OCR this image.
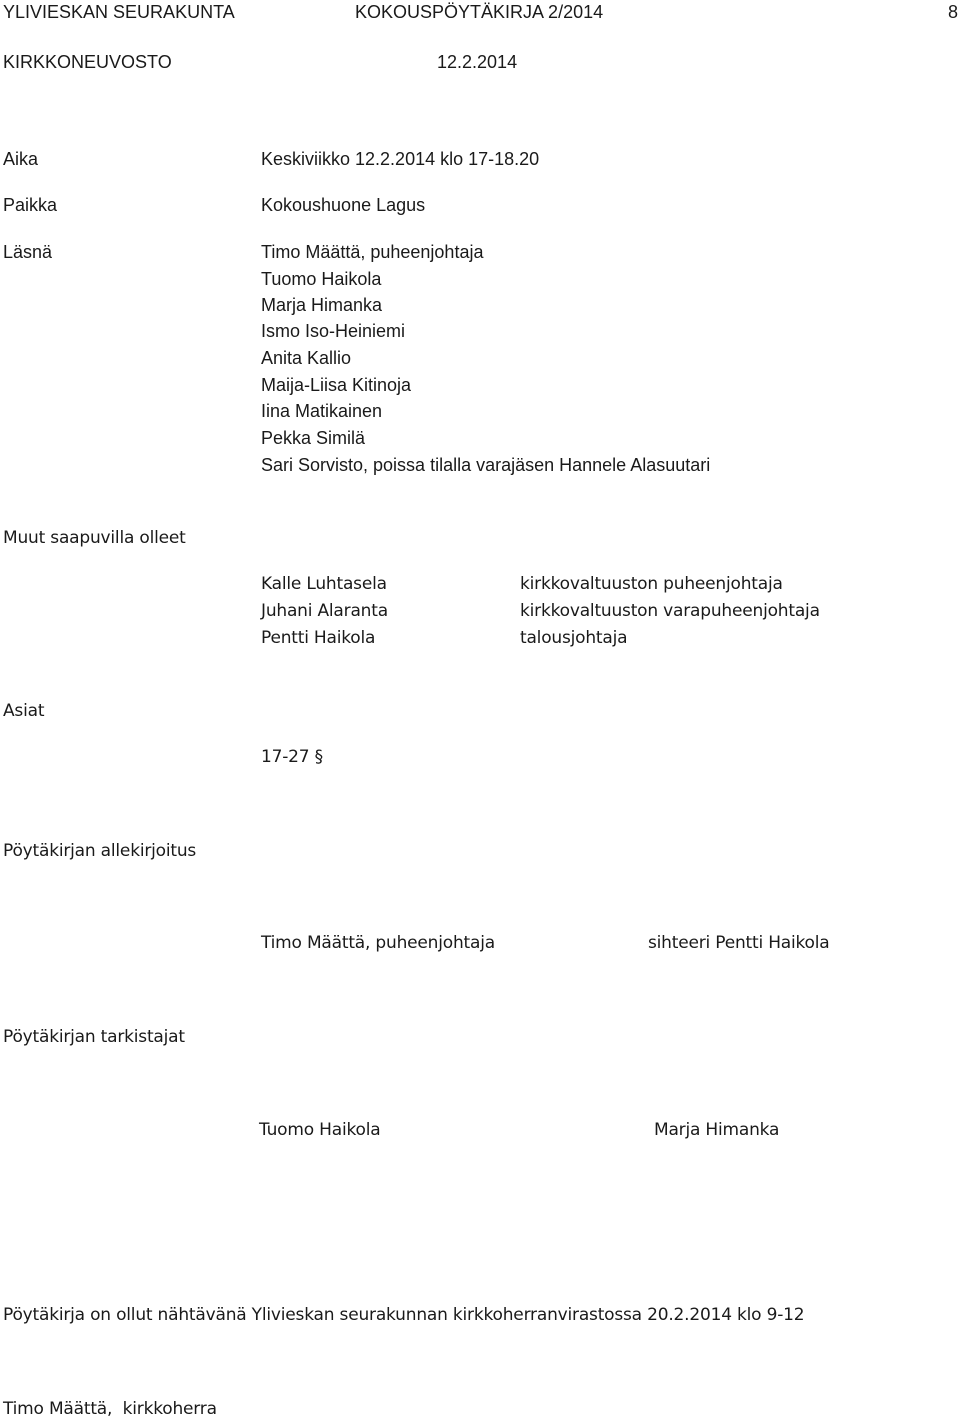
YLIVIESKAN SEURAKUNTA	KOKOUSPÖYTÄKIRJA 2/2014	8
KIRKKONEUVOSTO	12.2.2014
Aika	Keskiviikko 12.2.2014 klo 17-18.20
Paikka	Kokoushuone Lagus
Läsnä	Timo Määttä, puheenjohtaja
Tuomo Haikola
Marja Himanka
Ismo Iso-Heiniemi
Anita Kallio
Maija-Liisa Kitinoja
Iina Matikainen
Pekka Similä
Sari Sorvisto, poissa tilalla varajäsen Hannele Alasuutari
Muut saapuvilla olleet
Kalle Luhtasela	kirkkovaltuuston puheenjohtaja
Juhani Alaranta	kirkkovaltuuston varapuheenjohtaja
Pentti Haikola	talousjohtaja
Asiat
17-27 §
Pöytäkirjan allekirjoitus
Timo Määttä, puheenjohtaja	sihteeri Pentti Haikola
Pöytäkirjan tarkistajat
Tuomo Haikola	Marja Himanka
Pöytäkirja on ollut nähtävänä Ylivieskan seurakunnan kirkkoherranvirastossa 20.2.2014 klo 9-12
Timo Määttä,  kirkkoherra
